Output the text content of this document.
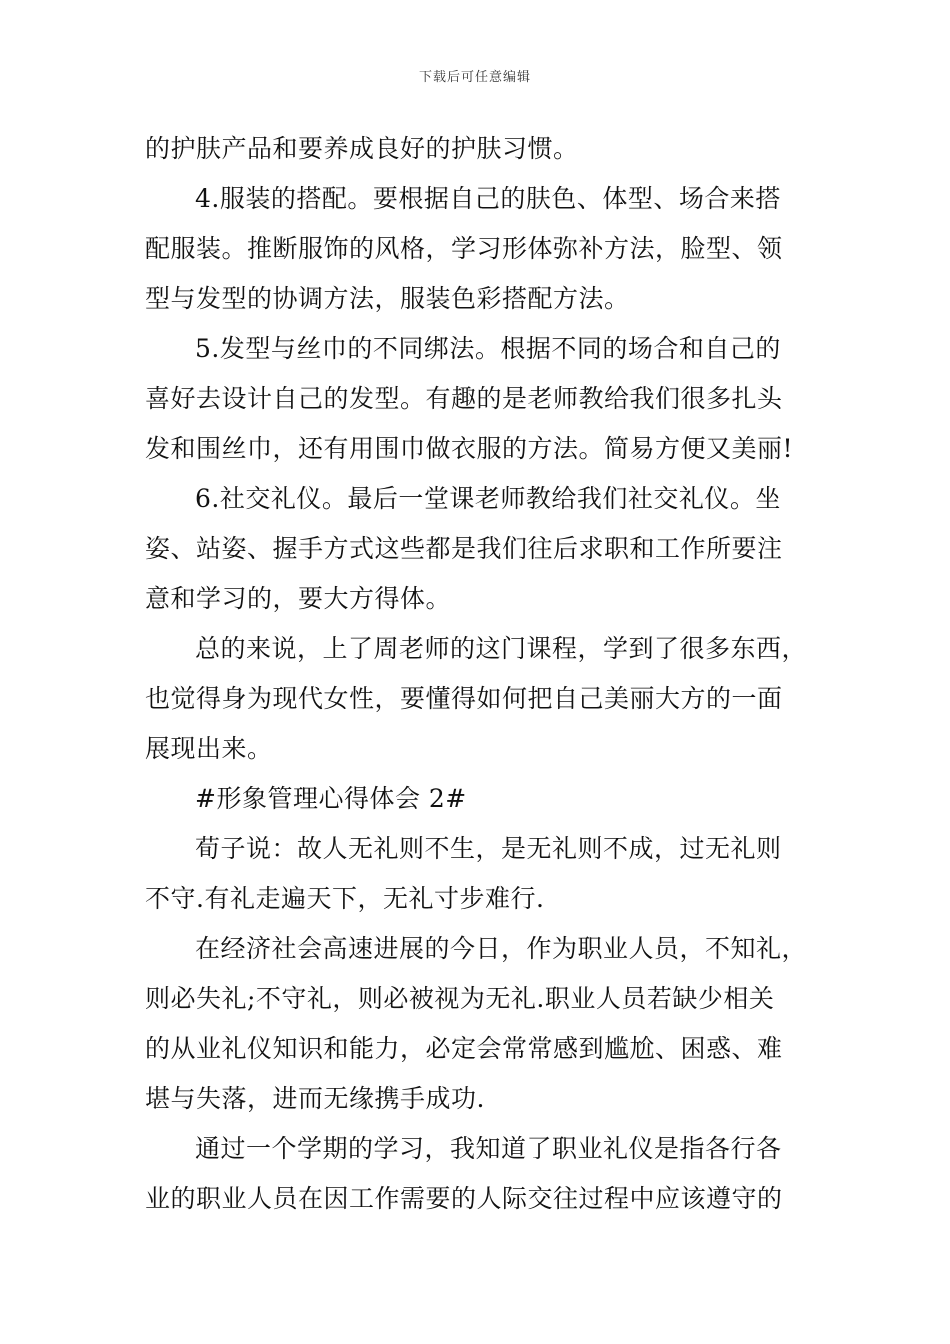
下载后可任意编辑
的护肤产品和要养成良好的护肤习惯。
4.服装的搭配。要根据自己的肤色、体型、场合来搭
配服装。推断服饰的风格，学习形体弥补方法，脸型、领
型与发型的协调方法，服装色彩搭配方法。
5.发型与丝巾的不同绑法。根据不同的场合和自己的
喜好去设计自己的发型。有趣的是老师教给我们很多扎头
发和围丝巾，还有用围巾做衣服的方法。简易方便又美丽!
6.社交礼仪。最后一堂课老师教给我们社交礼仪。坐
姿、站姿、握手方式这些都是我们往后求职和工作所要注
意和学习的，要大方得体。
总的来说，上了周老师的这门课程，学到了很多东西，
也觉得身为现代女性，要懂得如何把自己美丽大方的一面
展现出来。
#形象管理心得体会 2#
荀子说：故人无礼则不生，是无礼则不成，过无礼则
不守.有礼走遍天下，无礼寸步难行.
在经济社会高速进展的今日，作为职业人员，不知礼，
则必失礼;不守礼，则必被视为无礼.职业人员若缺少相关
的从业礼仪知识和能力，必定会常常感到尴尬、困惑、难
堪与失落，进而无缘携手成功.
通过一个学期的学习，我知道了职业礼仪是指各行各
业的职业人员在因工作需要的人际交往过程中应该遵守的
